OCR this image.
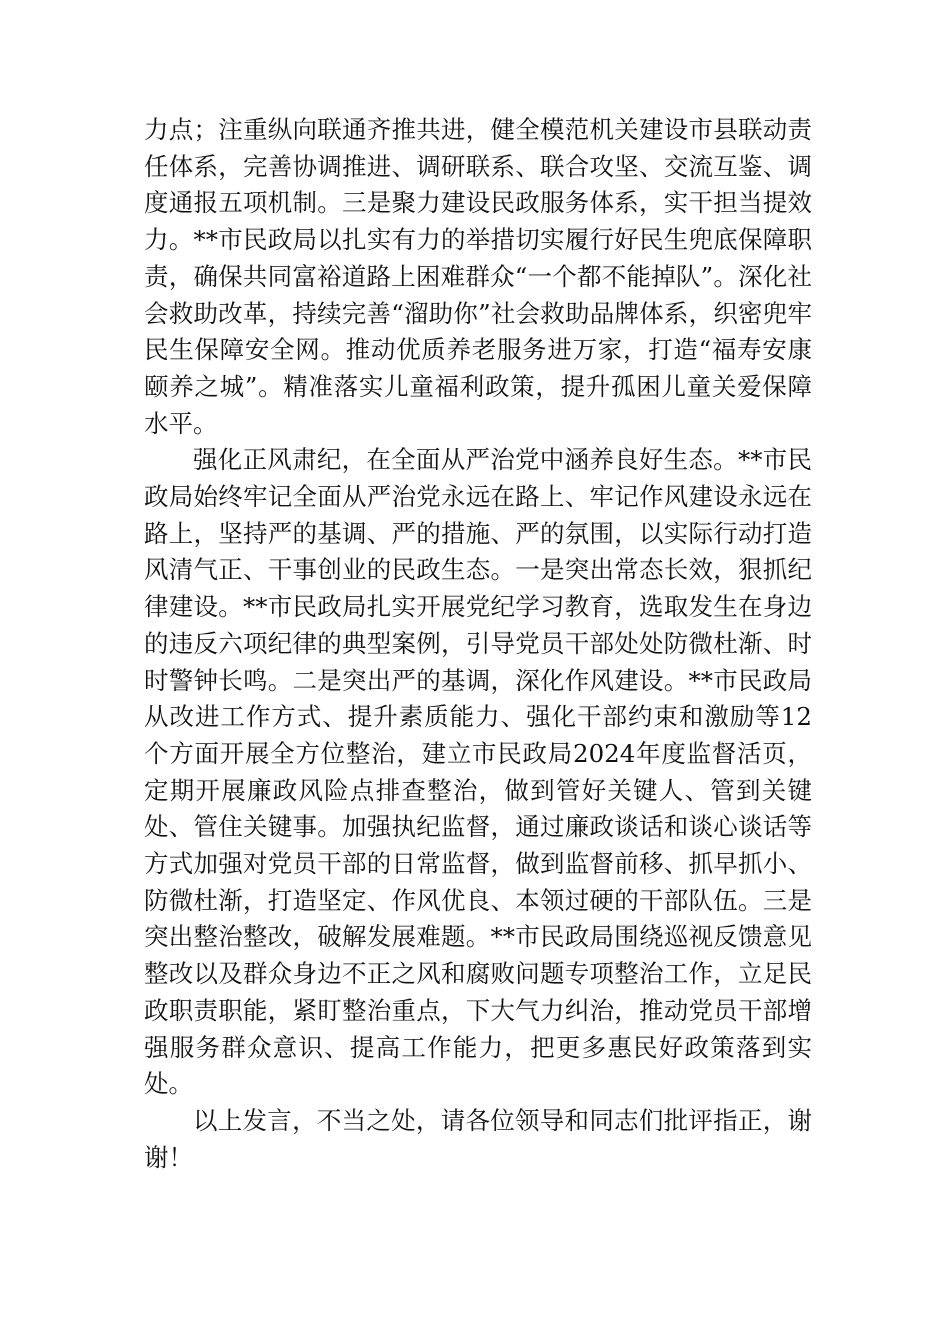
力点；注重纵向联通齐推共进，健全模范机关建设市县联动责任体系，完善协调推进、调研联系、联合攻坚、交流互鉴、调度通报五项机制。三是聚力建设民政服务体系，实干担当提效力。**市民政局以扎实有力的举措切实履行好民生兜底保障职责，确保共同富裕道路上困难群众“一个都不能掉队”。深化社会救助改革，持续完善“溜助你”社会救助品牌体系，织密兜牢民生保障安全网。推动优质养老服务进万家，打造“福寿安康颐养之城”。精准落实儿童福利政策，提升孤困儿童关爱保障水平。

强化正风肃纪，在全面从严治党中涵养良好生态。**市民政局始终牢记全面从严治党永远在路上、牢记作风建设永远在路上，坚持严的基调、严的措施、严的氛围，以实际行动打造风清气正、干事创业的民政生态。一是突出常态长效，狠抓纪律建设。**市民政局扎实开展党纪学习教育，选取发生在身边的违反六项纪律的典型案例，引导党员干部处处防微杜渐、时时警钟长鸣。二是突出严的基调，深化作风建设。**市民政局从改进工作方式、提升素质能力、强化干部约束和激励等12个方面开展全方位整治，建立市民政局2024年度监督活页，定期开展廉政风险点排查整治，做到管好关键人、管到关键处、管住关键事。加强执纪监督，通过廉政谈话和谈心谈话等方式加强对党员干部的日常监督，做到监督前移、抓早抓小、防微杜渐，打造坚定、作风优良、本领过硬的干部队伍。三是突出整治整改，破解发展难题。**市民政局围绕巡视反馈意见整改以及群众身边不正之风和腐败问题专项整治工作，立足民政职责职能，紧盯整治重点，下大气力纠治，推动党员干部增强服务群众意识、提高工作能力，把更多惠民好政策落到实处。

以上发言，不当之处，请各位领导和同志们批评指正，谢谢！
